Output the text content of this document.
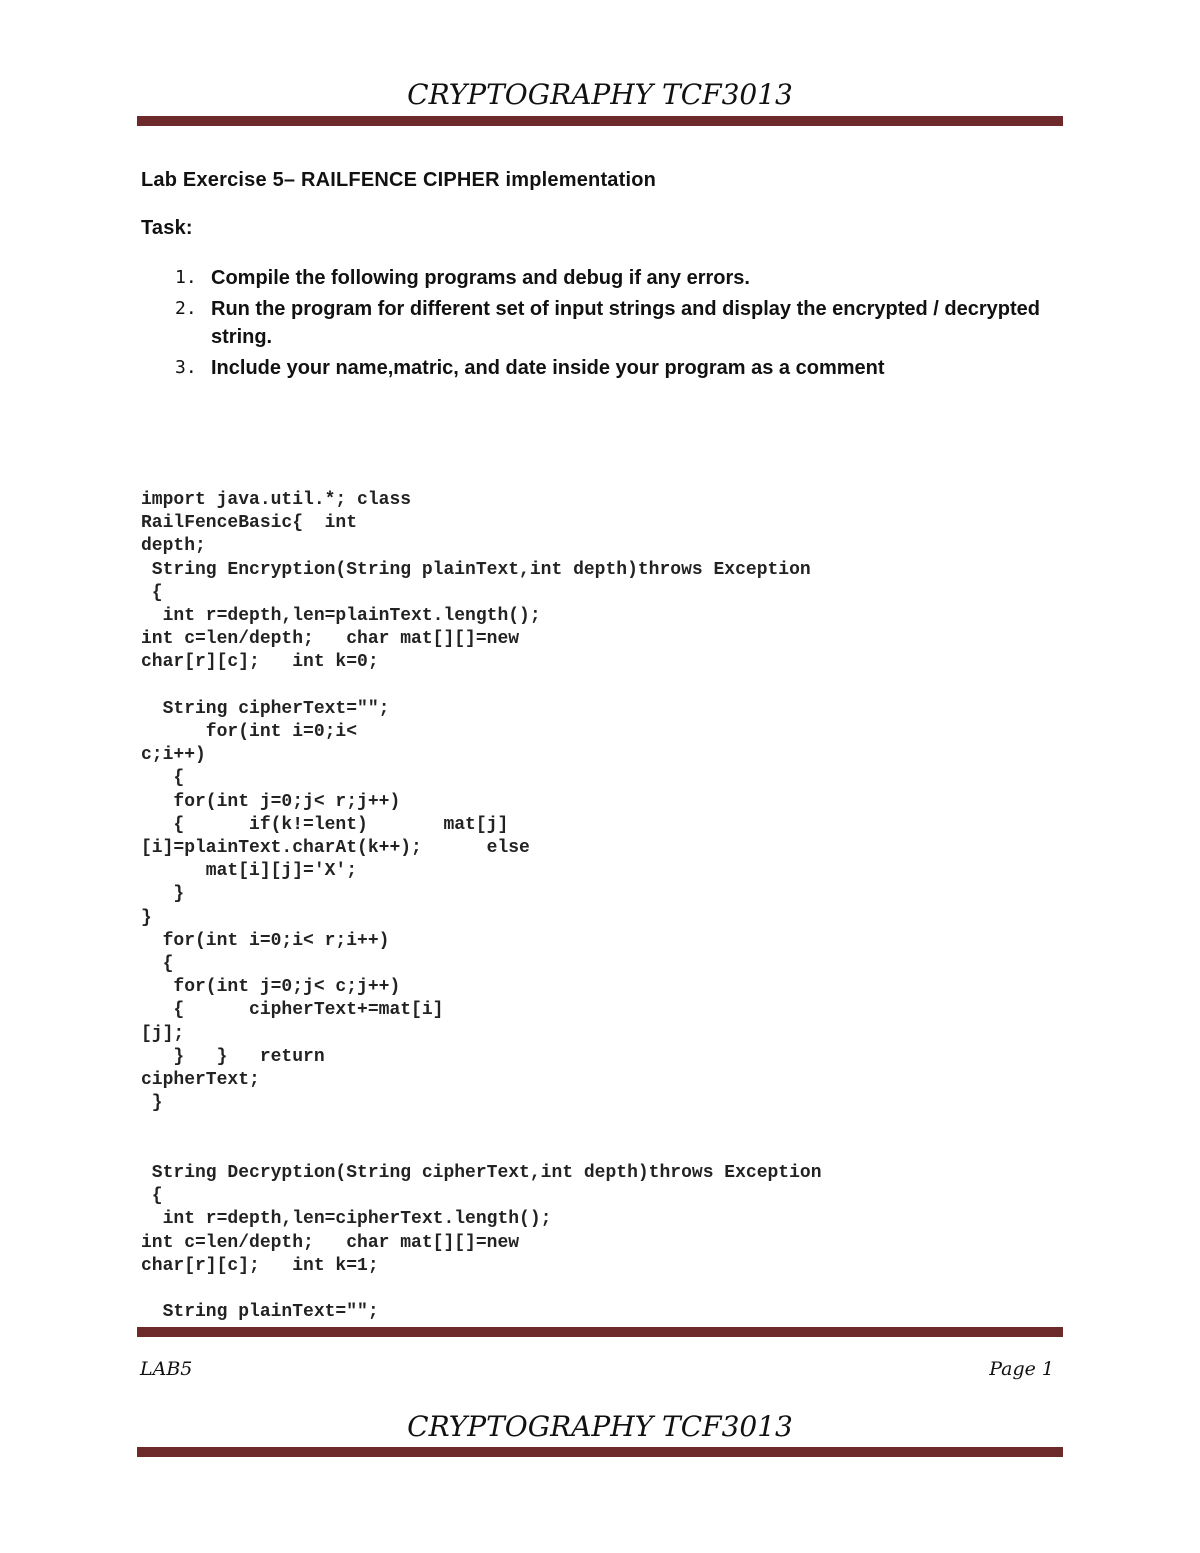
CRYPTOGRAPHY TCF3013
Lab Exercise 5– RAILFENCE CIPHER implementation
Task:
1. Compile the following programs and debug if any errors.
2. Run the program for different set of input strings and display the encrypted / decrypted string.
3. Include your name,matric, and date inside your program as a comment
import java.util.*; class
RailFenceBasic{  int
depth;
String Encryption(String plainText,int depth)throws Exception
{
int r=depth,len=plainText.length();
int c=len/depth;   char mat[][]=new
char[r][c];   int k=0;

String cipherText="";
for(int i=0;i<
c;i++)
{
for(int j=0;j< r;j++)
{      if(k!=lent)       mat[j]
[i]=plainText.charAt(k++);      else
mat[i][j]='X';
}
}
for(int i=0;i< r;i++)
{
for(int j=0;j< c;j++)
{      cipherText+=mat[i]
[j];
}   }   return
cipherText;
}

String Decryption(String cipherText,int depth)throws Exception
{
int r=depth,len=cipherText.length();
int c=len/depth;   char mat[][]=new
char[r][c];   int k=1;

String plainText="";
LAB5	Page 1
CRYPTOGRAPHY TCF3013
